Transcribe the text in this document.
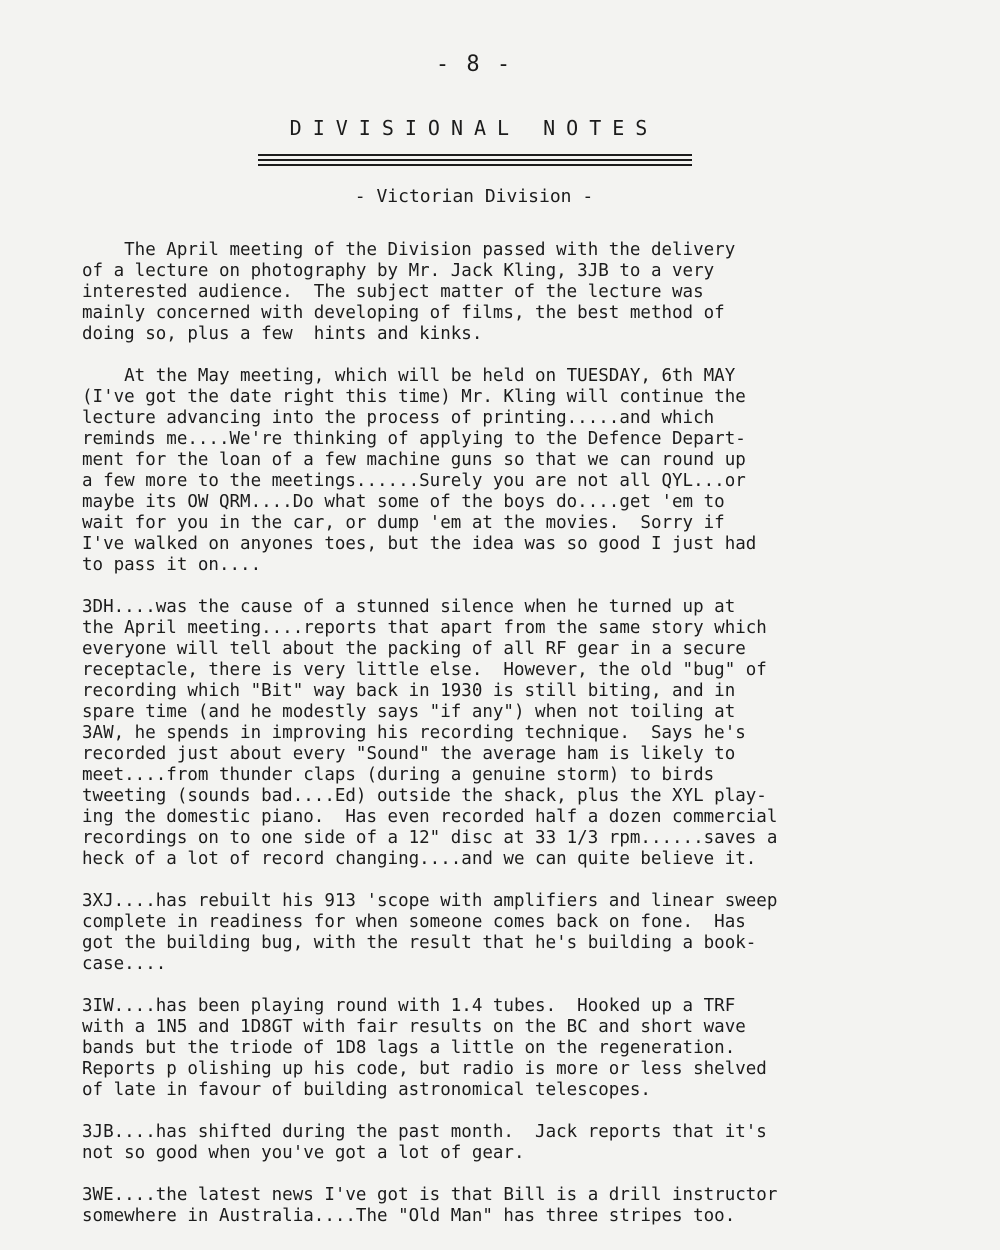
- 8 -
DIVISIONAL NOTES
- Victorian Division -
The April meeting of the Division passed with the delivery
of a lecture on photography by Mr. Jack Kling, 3JB to a very
interested audience.  The subject matter of the lecture was
mainly concerned with developing of films, the best method of
doing so, plus a few  hints and kinks.
At the May meeting, which will be held on TUESDAY, 6th MAY
(I've got the date right this time) Mr. Kling will continue the
lecture advancing into the process of printing.....and which
reminds me....We're thinking of applying to the Defence Depart-
ment for the loan of a few machine guns so that we can round up
a few more to the meetings......Surely you are not all QYL...or
maybe its OW QRM....Do what some of the boys do....get 'em to
wait for you in the car, or dump 'em at the movies.  Sorry if
I've walked on anyones toes, but the idea was so good I just had
to pass it on....
3DH....was the cause of a stunned silence when he turned up at
the April meeting....reports that apart from the same story which
everyone will tell about the packing of all RF gear in a secure
receptacle, there is very little else.  However, the old "bug" of
recording which "Bit" way back in 1930 is still biting, and in
spare time (and he modestly says "if any") when not toiling at
3AW, he spends in improving his recording technique.  Says he's
recorded just about every "Sound" the average ham is likely to
meet....from thunder claps (during a genuine storm) to birds
tweeting (sounds bad....Ed) outside the shack, plus the XYL play-
ing the domestic piano.  Has even recorded half a dozen commercial
recordings on to one side of a 12" disc at 33 1/3 rpm......saves a
heck of a lot of record changing....and we can quite believe it.
3XJ....has rebuilt his 913 'scope with amplifiers and linear sweep
complete in readiness for when someone comes back on fone.  Has
got the building bug, with the result that he's building a book-
case....
3IW....has been playing round with 1.4 tubes.  Hooked up a TRF
with a 1N5 and 1D8GT with fair results on the BC and short wave
bands but the triode of 1D8 lags a little on the regeneration.
Reports p olishing up his code, but radio is more or less shelved
of late in favour of building astronomical telescopes.
3JB....has shifted during the past month.  Jack reports that it's
not so good when you've got a lot of gear.
3WE....the latest news I've got is that Bill is a drill instructor
somewhere in Australia....The "Old Man" has three stripes too.
